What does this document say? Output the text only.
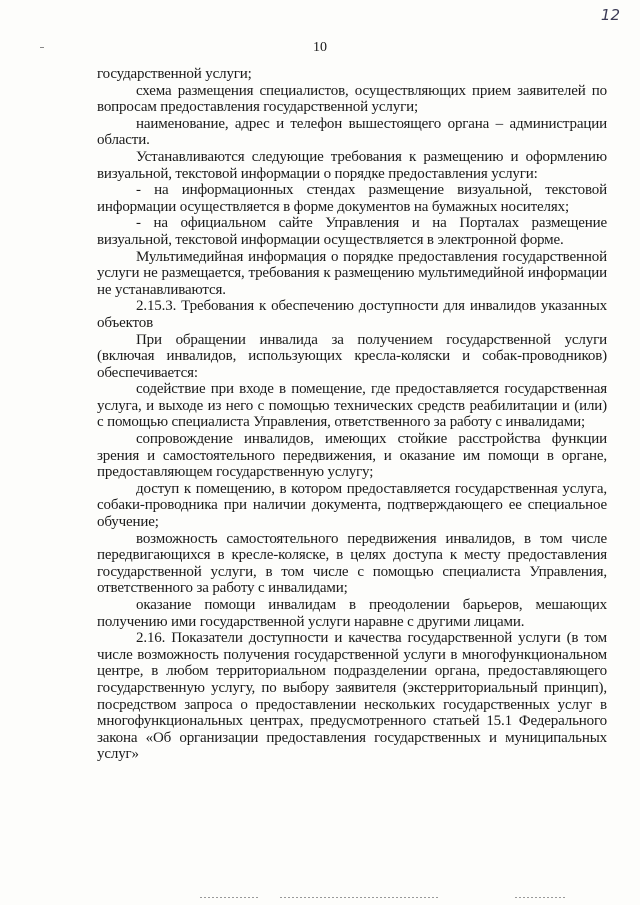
12
10

государственной услуги;

схема размещения специалистов, осуществляющих прием заявителей по вопросам предоставления государственной услуги;

наименование, адрес и телефон вышестоящего органа – администрации области.

Устанавливаются следующие требования к размещению и оформлению визуальной, текстовой информации о порядке предоставления услуги:

- на информационных стендах размещение визуальной, текстовой информации осуществляется в форме документов на бумажных носителях;

- на официальном сайте Управления и на Порталах размещение визуальной, текстовой информации осуществляется в электронной форме.

Мультимедийная информация о порядке предоставления государственной услуги не размещается, требования к размещению мультимедийной информации не устанавливаются.

2.15.3. Требования к обеспечению доступности для инвалидов указанных объектов

При обращении инвалида за получением государственной услуги (включая инвалидов, использующих кресла-коляски и собак-проводников) обеспечивается:

содействие при входе в помещение, где предоставляется государственная услуга, и выходе из него с помощью технических средств реабилитации и (или) с помощью специалиста Управления, ответственного за работу с инвалидами;

сопровождение инвалидов, имеющих стойкие расстройства функции зрения и самостоятельного передвижения, и оказание им помощи в органе, предоставляющем государственную услугу;

доступ к помещению, в котором предоставляется государственная услуга, собаки-проводника при наличии документа, подтверждающего ее специальное обучение;

возможность самостоятельного передвижения инвалидов, в том числе передвигающихся в кресле-коляске, в целях доступа к месту предоставления государственной услуги, в том числе с помощью специалиста Управления, ответственного за работу с инвалидами;

оказание помощи инвалидам в преодолении барьеров, мешающих получению ими государственной услуги наравне с другими лицами.

2.16. Показатели доступности и качества государственной услуги (в том числе возможность получения государственной услуги в многофункциональном центре, в любом территориальном подразделении органа, предоставляющего государственную услугу, по выбору заявителя (экстерриториальный принцип), посредством запроса о предоставлении нескольких государственных услуг в многофункциональных центрах, предусмотренного статьей 15.1 Федерального закона «Об организации предоставления государственных и муниципальных услуг»
